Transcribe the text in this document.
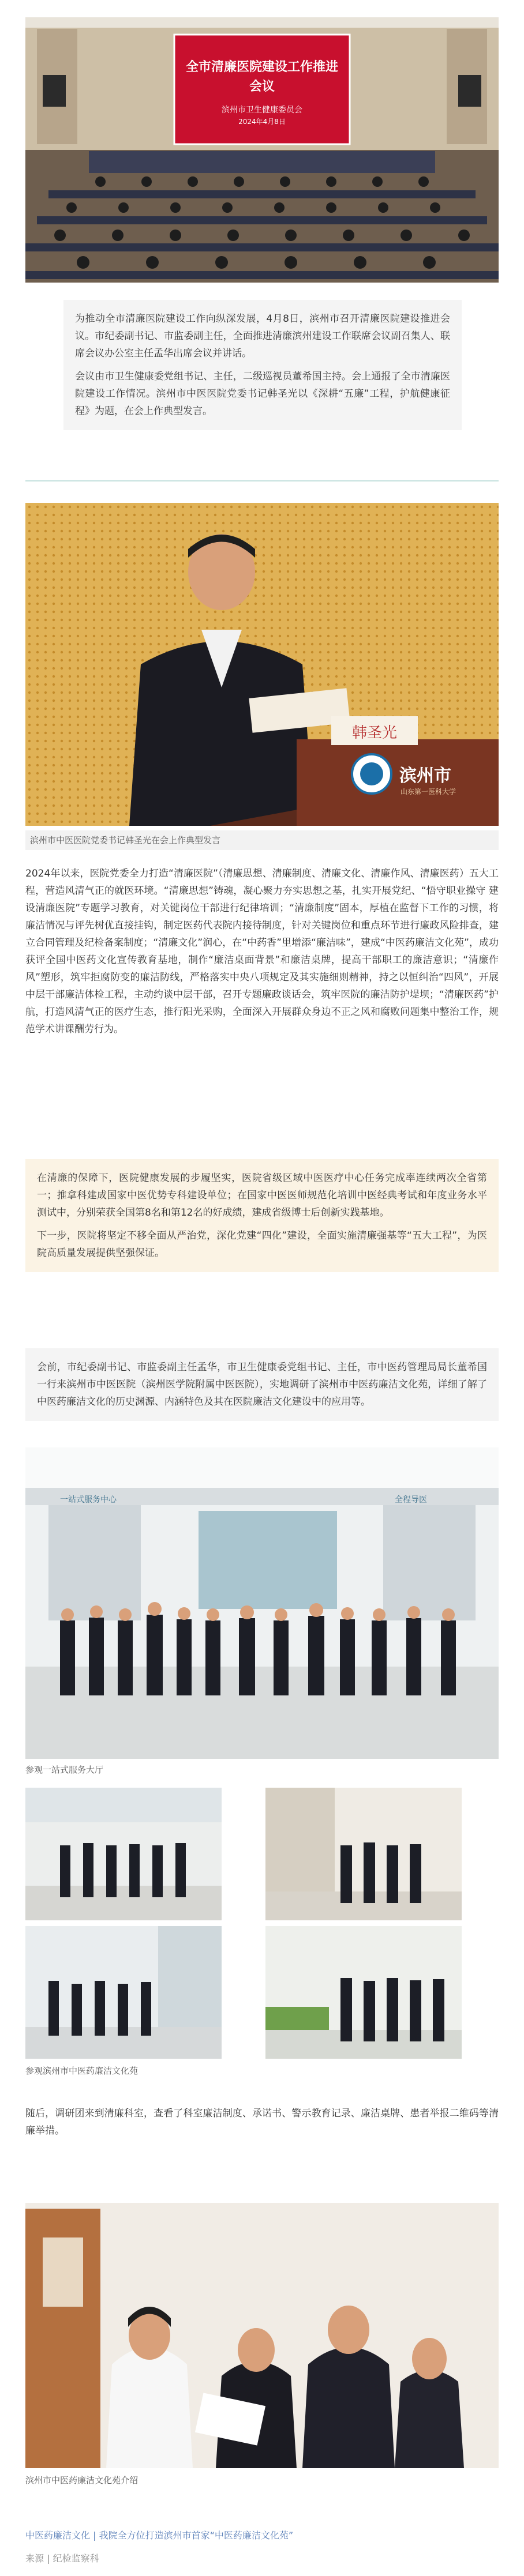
全市清廉医院建设工作推进会议
滨州市卫生健康委员会
2024年4月8日

为推动全市清廉医院建设工作向纵深发展，4月8日，滨州市召开清廉医院建设推进会议。市纪委副书记、市监委副主任，全面推进清廉滨州建设工作联席会议副召集人、联席会议办公室主任孟华出席会议并讲话。

会议由市卫生健康委党组书记、主任，二级巡视员董希国主持。会上通报了全市清廉医院建设工作情况。滨州市中医医院党委书记韩圣光以《深耕“五廉”工程，护航健康征程》为题，在会上作典型发言。

韩圣光
滨州市
山东第一医科大学
滨州市中医医院党委书记韩圣光在会上作典型发言

2024年以来，医院党委全力打造“清廉医院”（清廉思想、清廉制度、清廉文化、清廉作风、清廉医药）五大工程，营造风清气正的就医环境。“清廉思想”铸魂，凝心聚力夯实思想之基，扎实开展党纪、“悟守职业操守 建设清廉医院”专题学习教育，对关键岗位干部进行纪律培训；“清廉制度”固本，厚植在监督下工作的习惯，将廉洁情况与评先树优直接挂钩，制定医药代表院内接待制度，针对关键岗位和重点环节进行廉政风险排查，建立合同管理及纪检备案制度；“清廉文化”润心，在“中药香”里增添“廉洁味”，建成“中医药廉洁文化苑”，成功获评全国中医药文化宣传教育基地，制作“廉洁桌面背景”和廉洁桌牌，提高干部职工的廉洁意识；“清廉作风”塑形，筑牢拒腐防变的廉洁防线，严格落实中央八项规定及其实施细则精神，持之以恒纠治“四风”，开展中层干部廉洁体检工程，主动约谈中层干部，召开专题廉政谈话会，筑牢医院的廉洁防护堤坝；“清廉医药”护航，打造风清气正的医疗生态，推行阳光采购，全面深入开展群众身边不正之风和腐败问题集中整治工作，规范学术讲课酬劳行为。

在清廉的保障下，医院健康发展的步履坚实，医院省级区域中医医疗中心任务完成率连续两次全省第一；推拿科建成国家中医优势专科建设单位；在国家中医医师规范化培训中医经典考试和年度业务水平测试中，分别荣获全国第8名和第12名的好成绩，建成省级博士后创新实践基地。

下一步，医院将坚定不移全面从严治党，深化党建“四化”建设，全面实施清廉强基等“五大工程”，为医院高质量发展提供坚强保证。

会前，市纪委副书记、市监委副主任孟华，市卫生健康委党组书记、主任，市中医药管理局局长董希国一行来滨州市中医医院（滨州医学院附属中医医院），实地调研了滨州市中医药廉洁文化苑，详细了解了中医药廉洁文化的历史渊源、内涵特色及其在医院廉洁文化建设中的应用等。

一站式服务中心	全程导医
参观一站式服务大厅
参观滨州市中医药廉洁文化苑

随后，调研团来到清廉科室，查看了科室廉洁制度、承诺书、警示教育记录、廉洁桌牌、患者举报二维码等清廉举措。

滨州市中医药廉洁文化苑介绍
中医药廉洁文化 | 我院全方位打造滨州市首家“中医药廉洁文化苑”
来源 | 纪检监察科
